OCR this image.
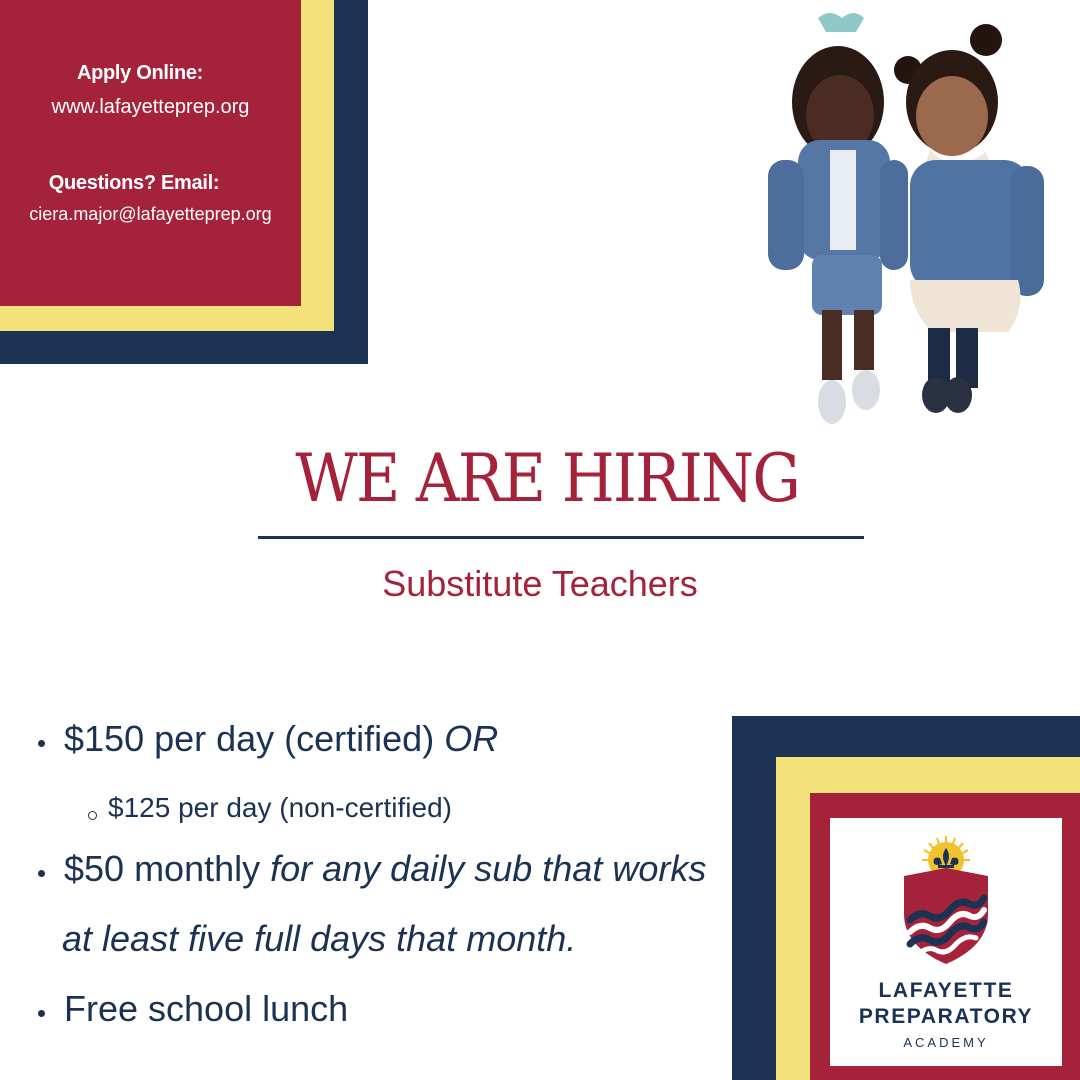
Apply Online:
www.lafayetteprep.org
Questions? Email:
ciera.major@lafayetteprep.org
WE ARE HIRING
Substitute Teachers
$150 per day (certified) OR
$125 per day (non-certified)
$50 monthly for any daily sub that works
at least five full days that month.
Free school lunch	LAFAYETTE
PREPARATORY
ACADEMY
